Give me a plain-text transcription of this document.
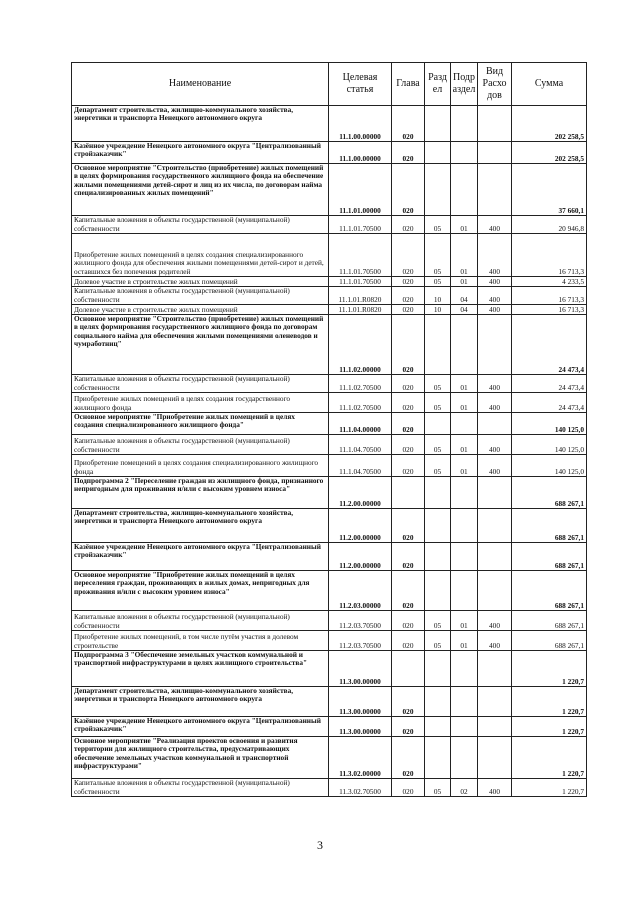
Наименование	Целевая статья	Глава	Разд ел	Подр аздел	Вид Расхо дов	Сумма
Департамент строительства, жилищно-коммунального хозяйства, энергетики и транспорта Ненецкого автономного округа	11.1.00.00000	020				202 258,5
Казённое учреждение Ненецкого автономного округа "Централизованный стройзаказчик"	11.1.00.00000	020				202 258,5
Основное мероприятие "Строительство (приобретение) жилых помещений в целях формирования государственного жилищного фонда на обеспечение жилыми помещениями детей-сирот и лиц из их числа, по договорам найма специализированных жилых помещений"	11.1.01.00000	020				37 660,1
Капитальные вложения в объекты государственной (муниципальной) собственности	11.1.01.70500	020	05	01	400	20 946,8
Приобретение жилых помещений в целях создания специализированного жилищного фонда для обеспечения жилыми помещениями детей-сирот и детей, оставшихся без попечения родителей	11.1.01.70500	020	05	01	400	16 713,3
Долевое участие в строительстве жилых помещений	11.1.01.70500	020	05	01	400	4 233,5
Капитальные вложения в объекты государственной (муниципальной) собственности	11.1.01.R0820	020	10	04	400	16 713,3
Долевое участие в строительстве жилых помещений	11.1.01.R0820	020	10	04	400	16 713,3
Основное мероприятие "Строительство (приобретение) жилых помещений в целях формирования государственного жилищного фонда по договорам социального найма для обеспечения жилыми помещениями оленеводов и чумработниц"	11.1.02.00000	020				24 473,4
Капитальные вложения в объекты государственной (муниципальной) собственности	11.1.02.70500	020	05	01	400	24 473,4
Приобретение жилых помещений в целях создания государственного жилищного фонда	11.1.02.70500	020	05	01	400	24 473,4
Основное мероприятие "Приобретение жилых помещений в целях создания специализированного жилищного фонда"	11.1.04.00000	020				140 125,0
Капитальные вложения в объекты государственной (муниципальной) собственности	11.1.04.70500	020	05	01	400	140 125,0
Приобретение помещений в целях создания специализированного жилищного фонда	11.1.04.70500	020	05	01	400	140 125,0
Подпрограмма 2 "Переселение граждан из жилищного фонда, признанного непригодным для проживания и/или с высоким уровнем износа"	11.2.00.00000					688 267,1
Департамент строительства, жилищно-коммунального хозяйства, энергетики и транспорта Ненецкого автономного округа	11.2.00.00000	020				688 267,1
Казённое учреждение Ненецкого автономного округа "Централизованный стройзаказчик"	11.2.00.00000	020				688 267,1
Основное мероприятие "Приобретение жилых помещений в целях переселения граждан, проживающих в жилых домах, непригодных для проживания и/или с высоким уровнем износа"	11.2.03.00000	020				688 267,1
Капитальные вложения в объекты государственной (муниципальной) собственности	11.2.03.70500	020	05	01	400	688 267,1
Приобретение жилых помещений, в том числе путём участия в долевом строительстве	11.2.03.70500	020	05	01	400	688 267,1
Подпрограмма 3 "Обеспечение земельных участков коммунальной и транспортной инфраструктурами в целях жилищного строительства"	11.3.00.00000					1 220,7
Департамент строительства, жилищно-коммунального хозяйства, энергетики и транспорта Ненецкого автономного округа	11.3.00.00000	020				1 220,7
Казённое учреждение Ненецкого автономного округа "Централизованный стройзаказчик"	11.3.00.00000	020				1 220,7
Основное мероприятие "Реализация проектов освоения и развития территории для жилищного строительства, предусматривающих обеспечение земельных участков коммунальной и транспортной инфраструктурами"	11.3.02.00000	020				1 220,7
Капитальные вложения в объекты государственной (муниципальной) собственности	11.3.02.70500	020	05	02	400	1 220,7
3
